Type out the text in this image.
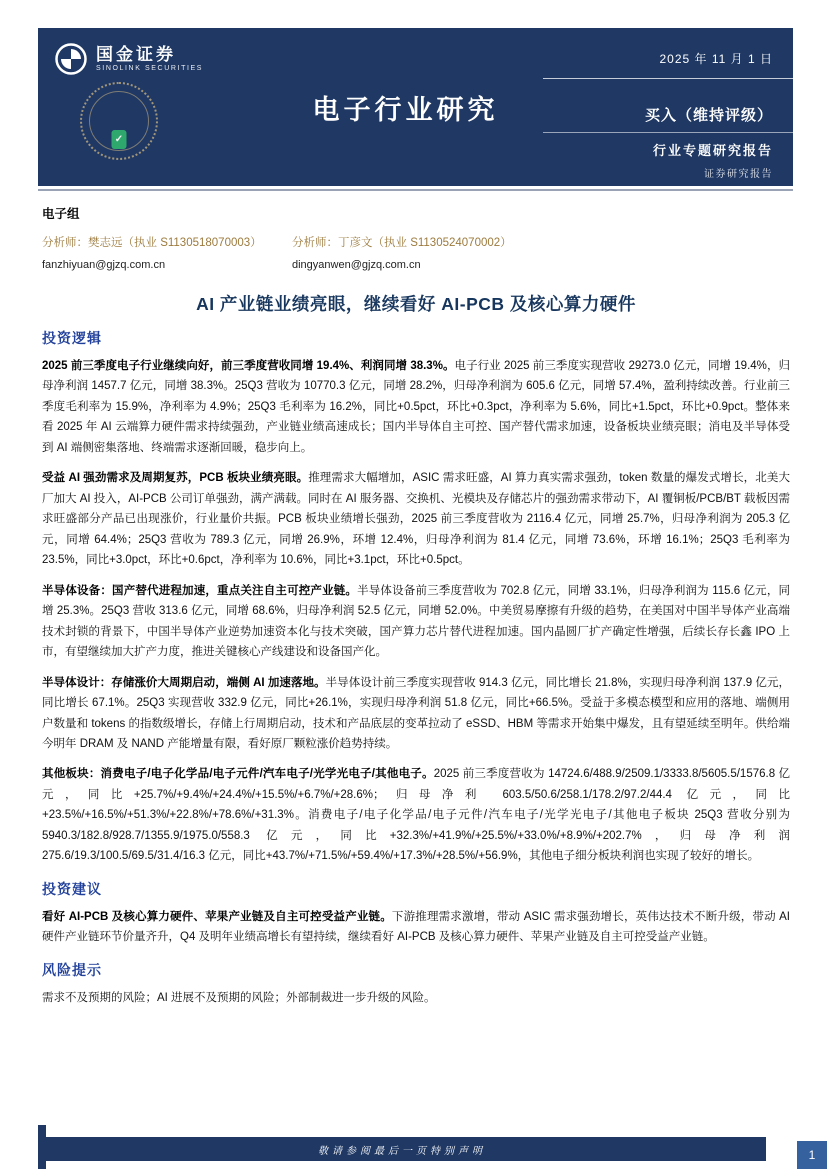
国金证券
SINOLINK SECURITIES
✓
2025 年 11 月 1 日
电子行业研究	买入（维持评级）
行业专题研究报告
证券研究报告
电子组
分析师：樊志远（执业 S1130518070003）
fanzhiyuan@gjzq.com.cn
分析师：丁彦文（执业 S1130524070002）
dingyanwen@gjzq.com.cn
AI 产业链业绩亮眼，继续看好 AI-PCB 及核心算力硬件
投资逻辑

2025 前三季度电子行业继续向好，前三季度营收同增 19.4%、利润同增 38.3%。电子行业 2025 前三季度实现营收 29273.0 亿元，同增 19.4%，归母净利润 1457.7 亿元，同增 38.3%。25Q3 营收为 10770.3 亿元，同增 28.2%，归母净利润为 605.6 亿元，同增 57.4%，盈利持续改善。行业前三季度毛利率为 15.9%，净利率为 4.9%；25Q3 毛利率为 16.2%，同比+0.5pct，环比+0.3pct，净利率为 5.6%，同比+1.5pct，环比+0.9pct。整体来看 2025 年 AI 云端算力硬件需求持续强劲，产业链业绩高速成长；国内半导体自主可控、国产替代需求加速，设备板块业绩亮眼；消电及半导体受到 AI 端侧密集落地、终端需求逐渐回暖，稳步向上。

受益 AI 强劲需求及周期复苏，PCB 板块业绩亮眼。推理需求大幅增加，ASIC 需求旺盛，AI 算力真实需求强劲，token 数量的爆发式增长，北美大厂加大 AI 投入，AI-PCB 公司订单强劲，满产满载。同时在 AI 服务器、交换机、光模块及存储芯片的强劲需求带动下，AI 覆铜板/PCB/BT 载板因需求旺盛部分产品已出现涨价，行业量价共振。PCB 板块业绩增长强劲，2025 前三季度营收为 2116.4 亿元，同增 25.7%，归母净利润为 205.3 亿元，同增 64.4%；25Q3 营收为 789.3 亿元，同增 26.9%，环增 12.4%，归母净利润为 81.4 亿元，同增 73.6%，环增 16.1%；25Q3 毛利率为 23.5%，同比+3.0pct，环比+0.6pct，净利率为 10.6%，同比+3.1pct，环比+0.5pct。

半导体设备：国产替代进程加速，重点关注自主可控产业链。半导体设备前三季度营收为 702.8 亿元，同增 33.1%，归母净利润为 115.6 亿元，同增 25.3%。25Q3 营收 313.6 亿元，同增 68.6%，归母净利润 52.5 亿元，同增 52.0%。中美贸易摩擦有升级的趋势，在美国对中国半导体产业高端技术封锁的背景下，中国半导体产业逆势加速资本化与技术突破，国产算力芯片替代进程加速。国内晶圆厂扩产确定性增强，后续长存长鑫 IPO 上市，有望继续加大扩产力度，推进关键核心产线建设和设备国产化。

半导体设计：存储涨价大周期启动，端侧 AI 加速落地。半导体设计前三季度实现营收 914.3 亿元，同比增长 21.8%，实现归母净利润 137.9 亿元，同比增长 67.1%。25Q3 实现营收 332.9 亿元，同比+26.1%，实现归母净利润 51.8 亿元，同比+66.5%。受益于多模态模型和应用的落地、端侧用户数量和 tokens 的指数级增长，存储上行周期启动，技术和产品底层的变革拉动了 eSSD、HBM 等需求开始集中爆发，且有望延续至明年。供给端今明年 DRAM 及 NAND 产能增量有限，看好原厂颗粒涨价趋势持续。

其他板块：消费电子/电子化学品/电子元件/汽车电子/光学光电子/其他电子。2025 前三季度营收为 14724.6/488.9/2509.1/3333.8/5605.5/1576.8 亿元，同比+25.7%/+9.4%/+24.4%/+15.5%/+6.7%/+28.6%；归母净利 603.5/50.6/258.1/178.2/97.2/44.4 亿元，同比+23.5%/+16.5%/+51.3%/+22.8%/+78.6%/+31.3%。消费电子/电子化学品/电子元件/汽车电子/光学光电子/其他电子板块 25Q3 营收分别为 5940.3/182.8/928.7/1355.9/1975.0/558.3 亿元，同比+32.3%/+41.9%/+25.5%/+33.0%/+8.9%/+202.7%，归母净利润 275.6/19.3/100.5/69.5/31.4/16.3 亿元，同比+43.7%/+71.5%/+59.4%/+17.3%/+28.5%/+56.9%，其他电子细分板块利润也实现了较好的增长。

投资建议

看好 AI-PCB 及核心算力硬件、苹果产业链及自主可控受益产业链。下游推理需求激增，带动 ASIC 需求强劲增长，英伟达技术不断升级，带动 AI 硬件产业链环节价量齐升，Q4 及明年业绩高增长有望持续，继续看好 AI-PCB 及核心算力硬件、苹果产业链及自主可控受益产业链。

风险提示

需求不及预期的风险；AI 进展不及预期的风险；外部制裁进一步升级的风险。

敬请参阅最后一页特别声明	1
